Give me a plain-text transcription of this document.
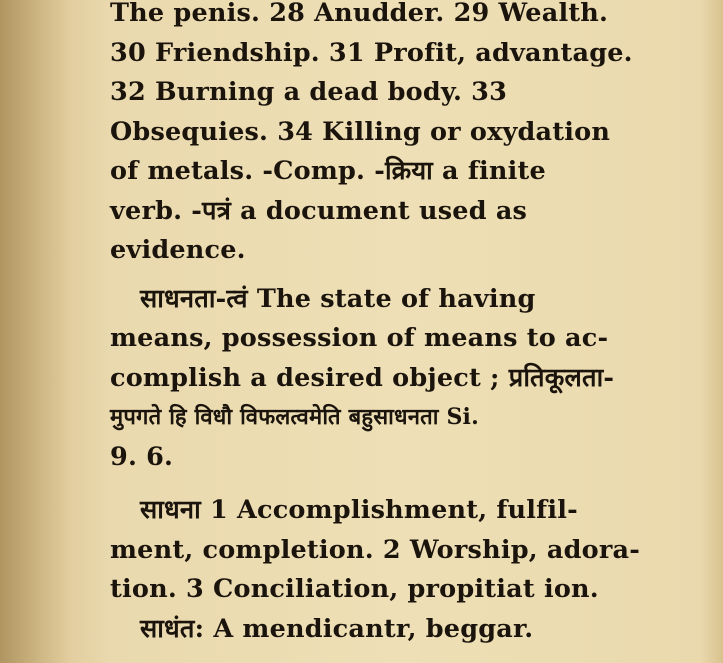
The penis. 28 Anudder. 29 Wealth.
30 Friendship. 31 Profit, advantage.
32 Burning a dead body. 33
Obsequies. 34 Killing or oxydation
of metals. -Comp. -क्रिया a finite
verb. -पत्रं a document used as
evidence.
साधनता-त्वं The state of having
means, possession of means to ac-
complish a desired object ; प्रतिकूलता-
मुपगते हि विधौ विफलत्वमेति बहुसाधनता Si.
9. 6.
साधना 1 Accomplishment, fulfil-
ment, completion. 2 Worship, adora-
tion. 3 Conciliation, propitiat ion.
साधंत: A mendicantr, beggar.
